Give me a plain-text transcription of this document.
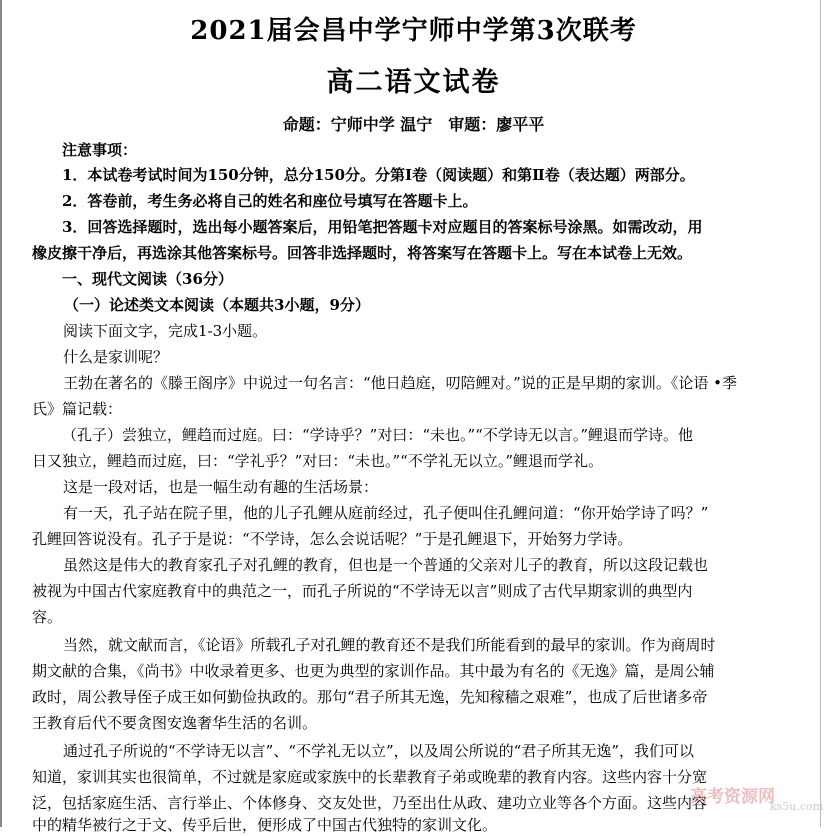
2021届会昌中学宁师中学第3次联考
高二语文试卷
命题：宁师中学 温宁　审题：廖平平
注意事项：
1．本试卷考试时间为150分钟，总分150分。分第Ⅰ卷（阅读题）和第Ⅱ卷（表达题）两部分。
2．答卷前，考生务必将自己的姓名和座位号填写在答题卡上。
3．回答选择题时，选出每小题答案后，用铅笔把答题卡对应题目的答案标号涂黑。如需改动，用
橡皮擦干净后，再选涂其他答案标号。回答非选择题时，将答案写在答题卡上。写在本试卷上无效。
一、现代文阅读（36分）
（一）论述类文本阅读（本题共3小题，9分）
　阅读下面文字，完成1-3小题。
　什么是家训呢？
　王勃在著名的《滕王阁序》中说过一句名言：“他日趋庭，叨陪鲤对。”说的正是早期的家训。《论语 •季
氏》篇记载：
（孔子）尝独立，鲤趋而过庭。曰：“学诗乎？”对曰：“未也。”“不学诗无以言。”鲤退而学诗。他
日又独立，鲤趋而过庭，曰：“学礼乎？”对曰：“未也。”“不学礼无以立。”鲤退而学礼。
　这是一段对话，也是一幅生动有趣的生活场景：
　有一天，孔子站在院子里，他的儿子孔鲤从庭前经过，孔子便叫住孔鲤问道：“你开始学诗了吗？”
孔鲤回答说没有。孔子于是说：“不学诗，怎么会说话呢？”于是孔鲤退下，开始努力学诗。
　虽然这是伟大的教育家孔子对孔鲤的教育，但也是一个普通的父亲对儿子的教育，所以这段记载也
被视为中国古代家庭教育中的典范之一，而孔子所说的“不学诗无以言”则成了古代早期家训的典型内
容。
　当然，就文献而言，《论语》所载孔子对孔鲤的教育还不是我们所能看到的最早的家训。作为商周时
期文献的合集，《尚书》中收录着更多、也更为典型的家训作品。其中最为有名的《无逸》篇，是周公辅
政时，周公教导侄子成王如何勤俭执政的。那句“君子所其无逸，先知稼穑之艰难”，也成了后世诸多帝
王教育后代不要贪图安逸奢华生活的名训。
　通过孔子所说的“不学诗无以言”、“不学礼无以立”，以及周公所说的“君子所其无逸”，我们可以
知道，家训其实也很简单，不过就是家庭或家族中的长辈教育子弟或晚辈的教育内容。这些内容十分宽
泛，包括家庭生活、言行举止、个体修身、交友处世，乃至出仕从政、建功立业等各个方面。这些内容
中的精华被行之于文、传乎后世，便形成了中国古代独特的家训文化。
高考资源网
ks5u.com
